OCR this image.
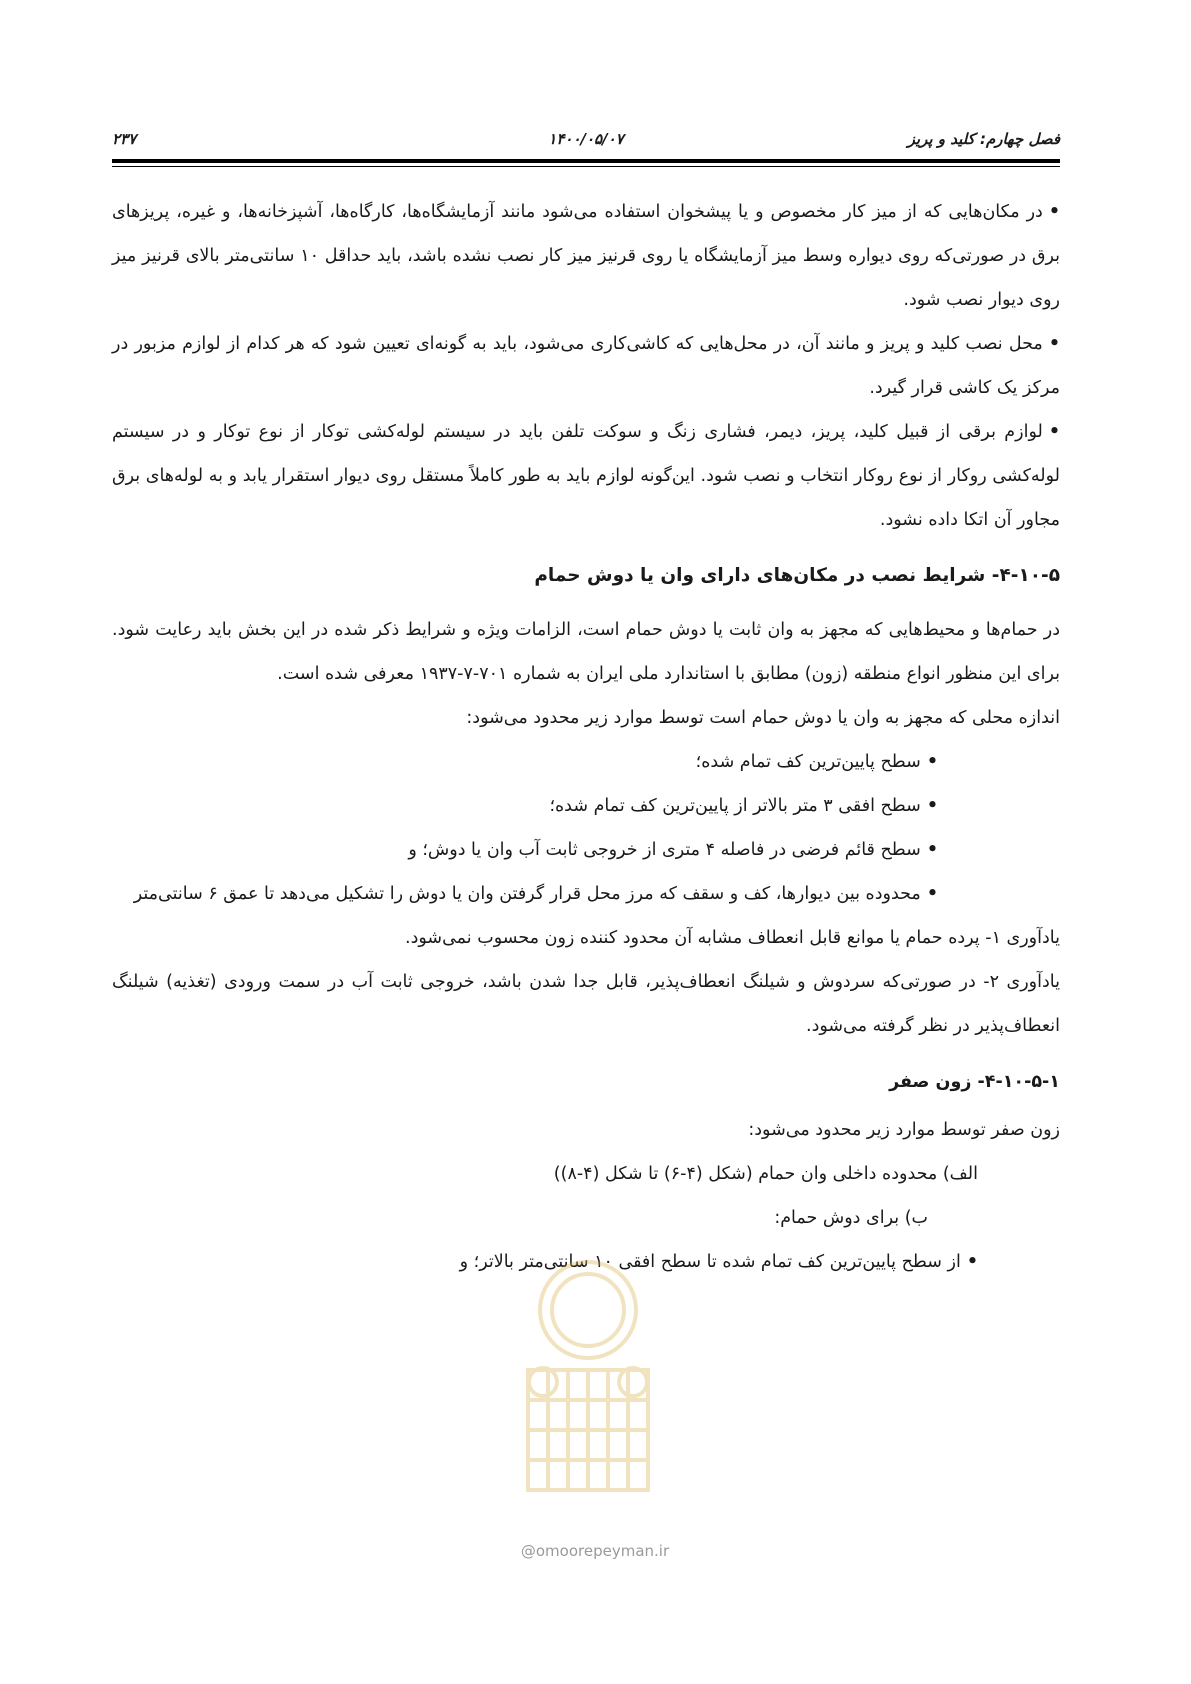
فصل چهارم: کلید و پریز
۱۴۰۰/۰۵/۰۷
۲۳۷

•در مکان‌هایی که از میز کار مخصوص و یا پیشخوان استفاده می‌شود مانند آزمایشگاه‌ها، کارگاه‌ها، آشپزخانه‌ها، و غیره، پریزهای برق در صورتی‌که روی دیواره وسط میز آزمایشگاه یا روی قرنیز میز کار نصب نشده باشد، باید حداقل ۱۰ سانتی‌متر بالای قرنیز میز روی دیوار نصب شود.

•محل نصب کلید و پریز و مانند آن، در محل‌هایی که کاشی‌کاری می‌شود، باید به گونه‌ای تعیین شود که هر کدام از لوازم مزبور در مرکز یک کاشی قرار گیرد.

•لوازم برقی از قبیل کلید، پریز، دیمر، فشاری زنگ و سوکت تلفن باید در سیستم لوله‌کشی توکار از نوع توکار و در سیستم لوله‌کشی روکار از نوع روکار انتخاب و نصب شود. این‌گونه لوازم باید به طور کاملاً مستقل روی دیوار استقرار یابد و به لوله‌های برق مجاور آن اتکا داده نشود.

۴-۱۰-۵- شرایط نصب در مکان‌های دارای وان یا دوش حمام

در حمام‌ها و محیط‌هایی که مجهز به وان ثابت یا دوش حمام است، الزامات ویژه و شرایط ذکر شده در این بخش باید رعایت شود. برای این منظور انواع منطقه (زون) مطابق با استاندارد ملی ایران به شماره ۷۰۱-۷-۱۹۳۷ معرفی شده است.

اندازه محلی که مجهز به وان یا دوش حمام است توسط موارد زیر محدود می‌شود:

•سطح پایین‌ترین کف تمام شده؛

•سطح افقی ۳ متر بالاتر از پایین‌ترین کف تمام شده؛

•سطح قائم فرضی در فاصله ۴ متری از خروجی ثابت آب وان یا دوش؛ و

•محدوده بین دیوارها، کف و سقف که مرز محل قرار گرفتن وان یا دوش را تشکیل می‌دهد تا عمق ۶ سانتی‌متر

یادآوری ۱- پرده حمام یا موانع قابل انعطاف مشابه آن محدود کننده زون محسوب نمی‌شود.

یادآوری ۲- در صورتی‌که سردوش و شیلنگ انعطاف‌پذیر، قابل جدا شدن باشد، خروجی ثابت آب در سمت ورودی (تغذیه) شیلنگ انعطاف‌پذیر در نظر گرفته می‌شود.

۴-۱۰-۵-۱- زون صفر

زون صفر توسط موارد زیر محدود می‌شود:

الف) محدوده داخلی وان حمام (شکل (۴-۶) تا شکل (۴-۸))

ب) برای دوش حمام:

•از سطح پایین‌ترین کف تمام شده تا سطح افقی ۱۰ سانتی‌متر بالاتر؛ و

@omoorepeyman.ir
